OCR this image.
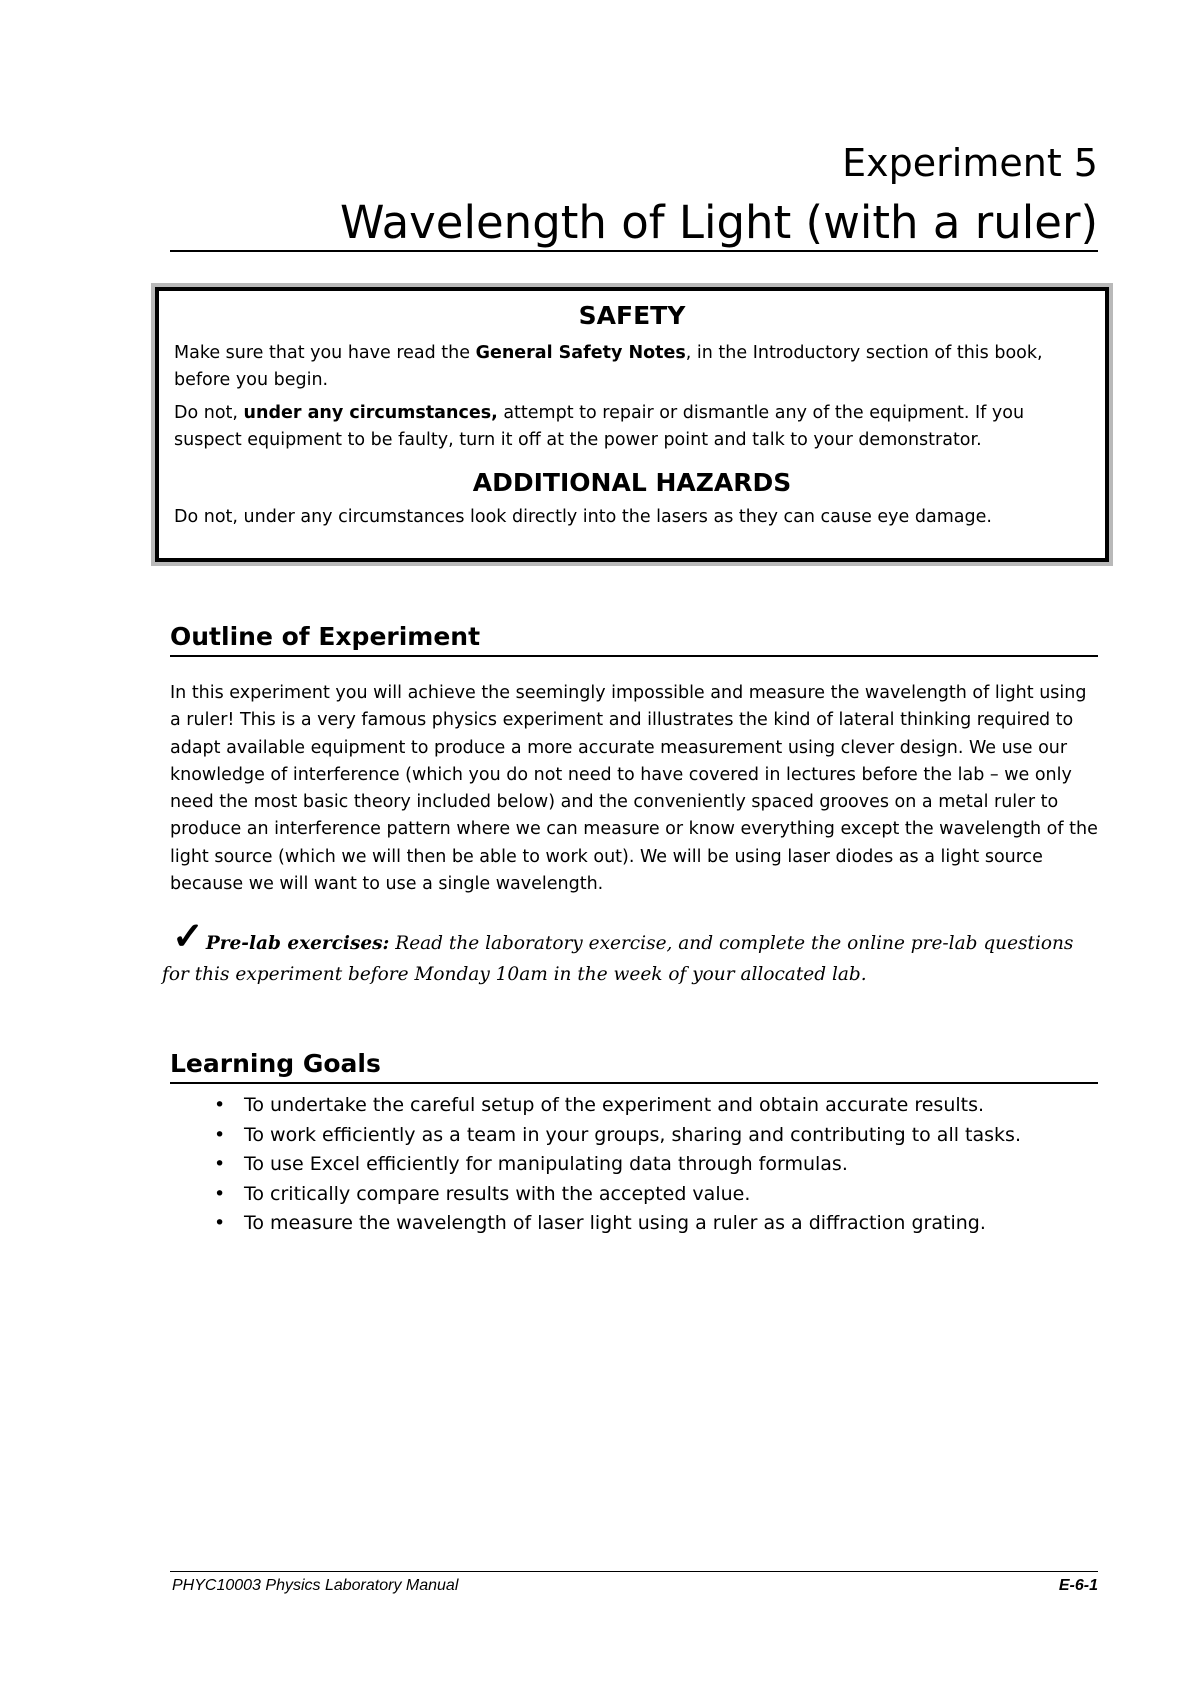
Experiment 5
Wavelength of Light (with a ruler)
SAFETY

Make sure that you have read the General Safety Notes, in the Introductory section of this book, before you begin.

Do not, under any circumstances, attempt to repair or dismantle any of the equipment. If you suspect equipment to be faulty, turn it off at the power point and talk to your demonstrator.

ADDITIONAL HAZARDS

Do not, under any circumstances look directly into the lasers as they can cause eye damage.

Outline of Experiment

In this experiment you will achieve the seemingly impossible and measure the wavelength of light using a ruler! This is a very famous physics experiment and illustrates the kind of lateral thinking required to adapt available equipment to produce a more accurate measurement using clever design. We use our knowledge of interference (which you do not need to have covered in lectures before the lab – we only need the most basic theory included below) and the conveniently spaced grooves on a metal ruler to produce an interference pattern where we can measure or know everything except the wavelength of the light source (which we will then be able to work out). We will be using laser diodes as a light source because we will want to use a single wavelength.

✓ Pre-lab exercises: Read the laboratory exercise, and complete the online pre-lab questions for this experiment before Monday 10am in the week of your allocated lab.

Learning Goals
• To undertake the careful setup of the experiment and obtain accurate results.
• To work efficiently as a team in your groups, sharing and contributing to all tasks.
• To use Excel efficiently for manipulating data through formulas.
• To critically compare results with the accepted value.
• To measure the wavelength of laser light using a ruler as a diffraction grating.
PHYC10003 Physics Laboratory Manual	E-6-1
